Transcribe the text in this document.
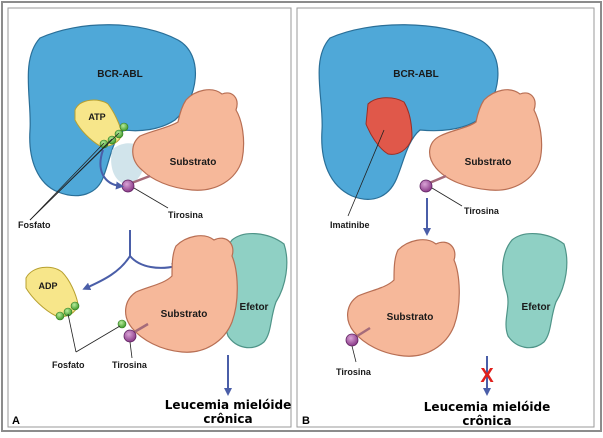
BCR-ABL
ATP
Substrato
Fosfato
Tirosina
ADP
Efetor
Substrato
Fosfato	Tirosina
Leucemia mielóide
crônica
A
BCR-ABL
Substrato
Imatinibe
Tirosina
Substrato
Tirosina
Efetor
X
Leucemia mielóide
crônica
B
